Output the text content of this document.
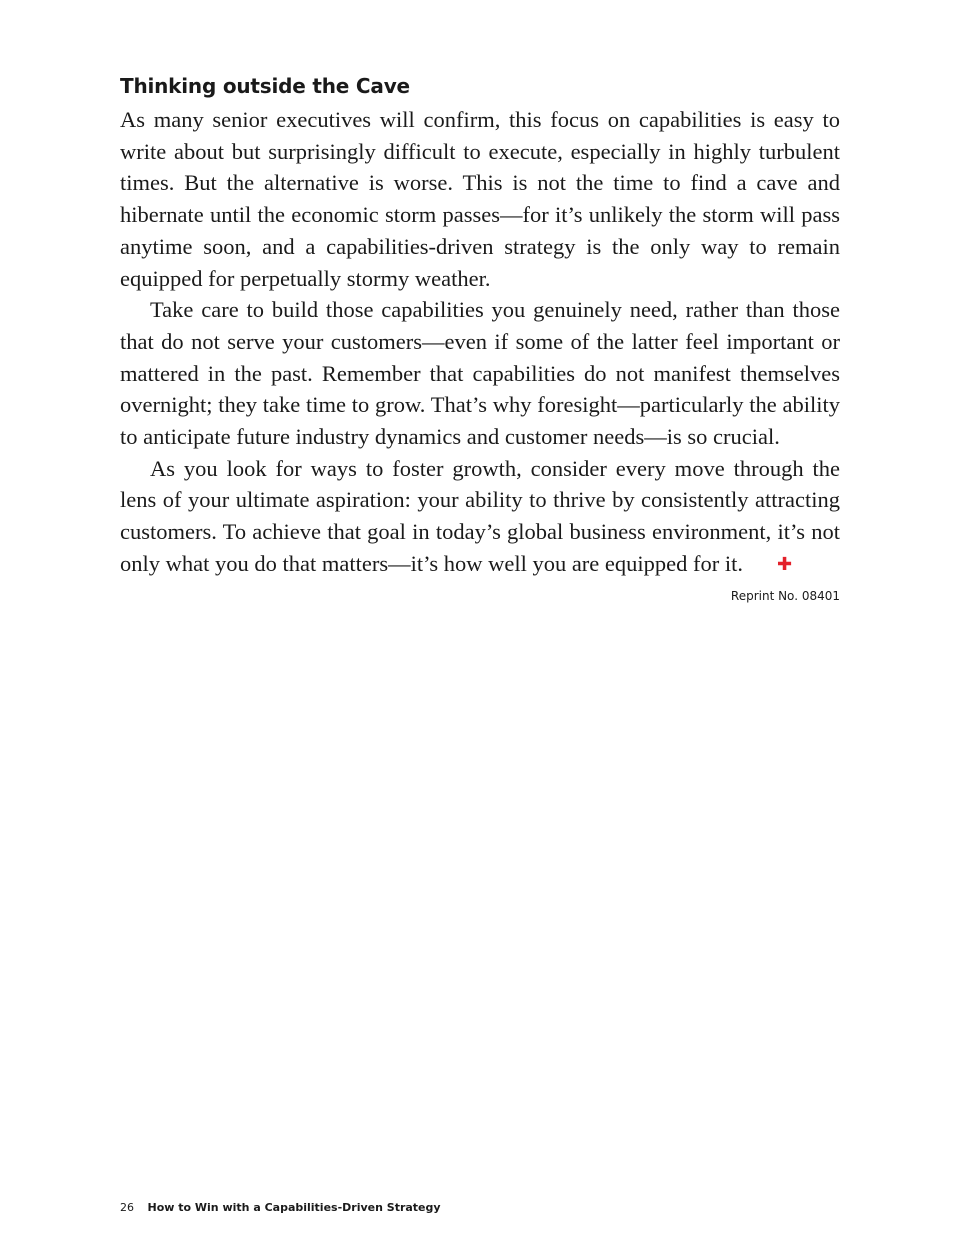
Thinking outside the Cave

As many senior executives will confirm, this focus on capabilities is easy to write about but surprisingly difficult to execute, especially in highly turbulent times. But the alternative is worse. This is not the time to find a cave and hibernate until the economic storm passes—for it’s unlikely the storm will pass anytime soon, and a capabilities-driven strategy is the only way to remain equipped for perpetually stormy weather.

Take care to build those capabilities you genuinely need, rather than those that do not serve your customers—even if some of the latter feel important or mattered in the past. Remember that capabilities do not manifest themselves overnight; they take time to grow. That’s why foresight—particularly the ability to anticipate future industry dynamics and customer needs—is so crucial.

As you look for ways to foster growth, consider every move through the lens of your ultimate aspiration: your ability to thrive by consistently attracting customers. To achieve that goal in today’s global business environment, it’s not only what you do that matters—it’s how well you are equipped for it. ✚

Reprint No. 08401
26 How to Win with a Capabilities-Driven Strategy
